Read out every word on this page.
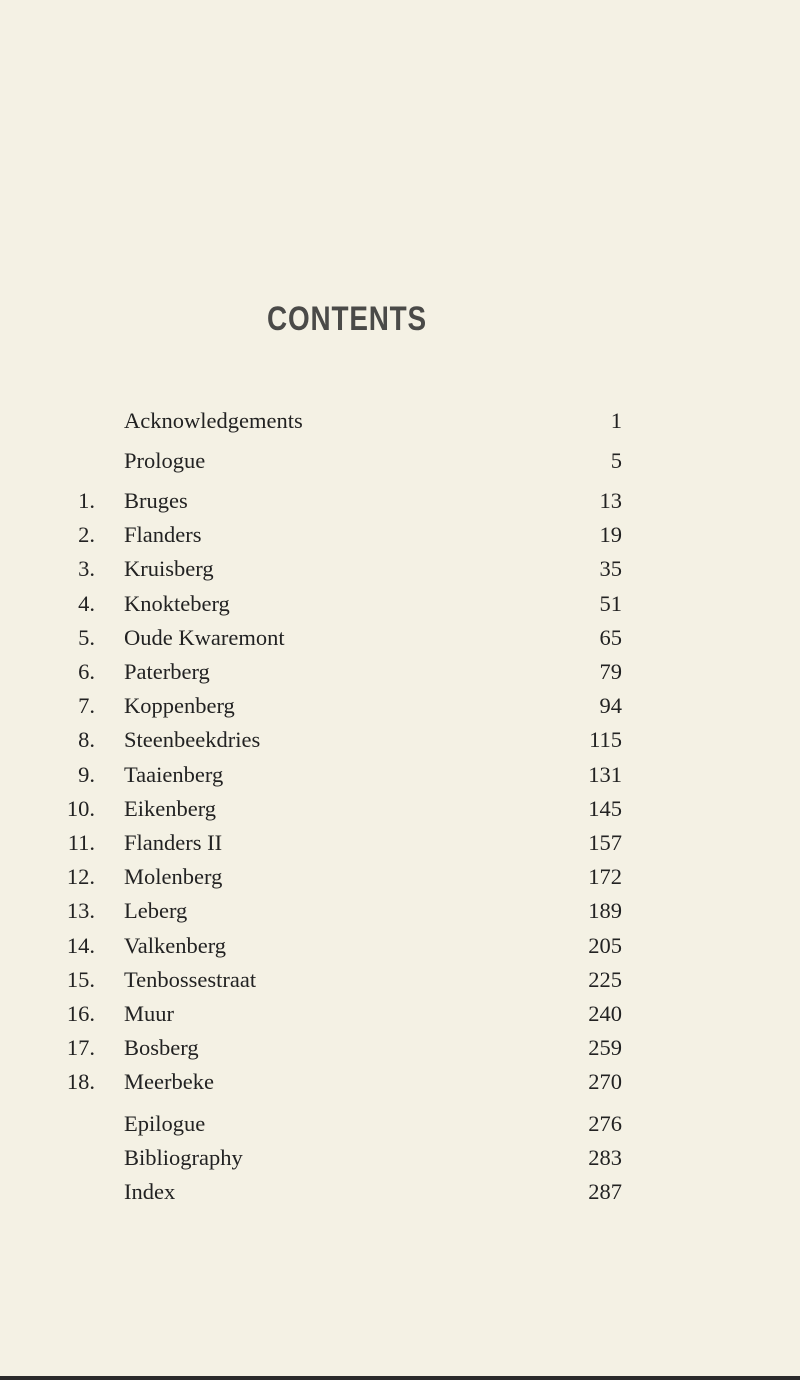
CONTENTS
Acknowledgements	1
Prologue	5
1. Bruges	13
2. Flanders	19
3. Kruisberg	35
4. Knokteberg	51
5. Oude Kwaremont	65
6. Paterberg	79
7. Koppenberg	94
8. Steenbeekdries	115
9. Taaienberg	131
10. Eikenberg	145
11. Flanders II	157
12. Molenberg	172
13. Leberg	189
14. Valkenberg	205
15. Tenbossestraat	225
16. Muur	240
17. Bosberg	259
18. Meerbeke	270
Epilogue	276
Bibliography	283
Index	287
